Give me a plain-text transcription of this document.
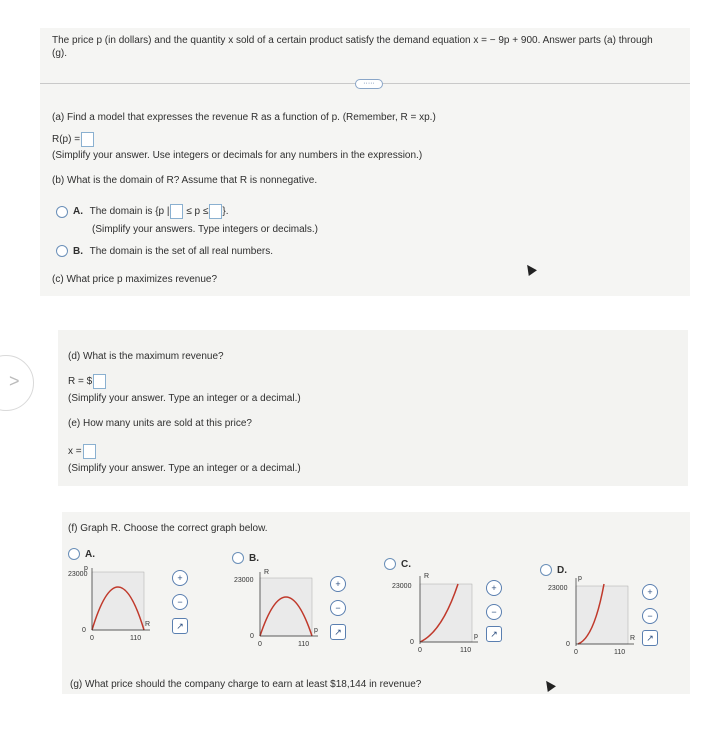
The price p (in dollars) and the quantity x sold of a certain product satisfy the demand equation x = − 9p + 900. Answer parts (a) through
(g).
·····
(a) Find a model that expresses the revenue R as a function of p. (Remember, R = xp.)
R(p) =
(Simplify your answer. Use integers or decimals for any numbers in the expression.)
(b) What is the domain of R? Assume that R is nonnegative.
A. The domain is {p | ≤ p ≤ }.
(Simplify your answers. Type integers or decimals.)
B. The domain is the set of all real numbers.
(c) What price p maximizes revenue?
>
(d) What is the maximum revenue?
R = $
(Simplify your answer. Type an integer or a decimal.)
(e) How many units are sold at this price?
x =
(Simplify your answer. Type an integer or a decimal.)
(f) Graph R. Choose the correct graph below.
A.
23000
p
R
0
0	110
+
−
↗
B.
23000
R
p
0
0	110
+
−
↗
C.
23000
R
p
0
0	110
+
−
↗
D.
23000
p
R
0
0	110
+
−
↗
(g) What price should the company charge to earn at least $18,144 in revenue?
